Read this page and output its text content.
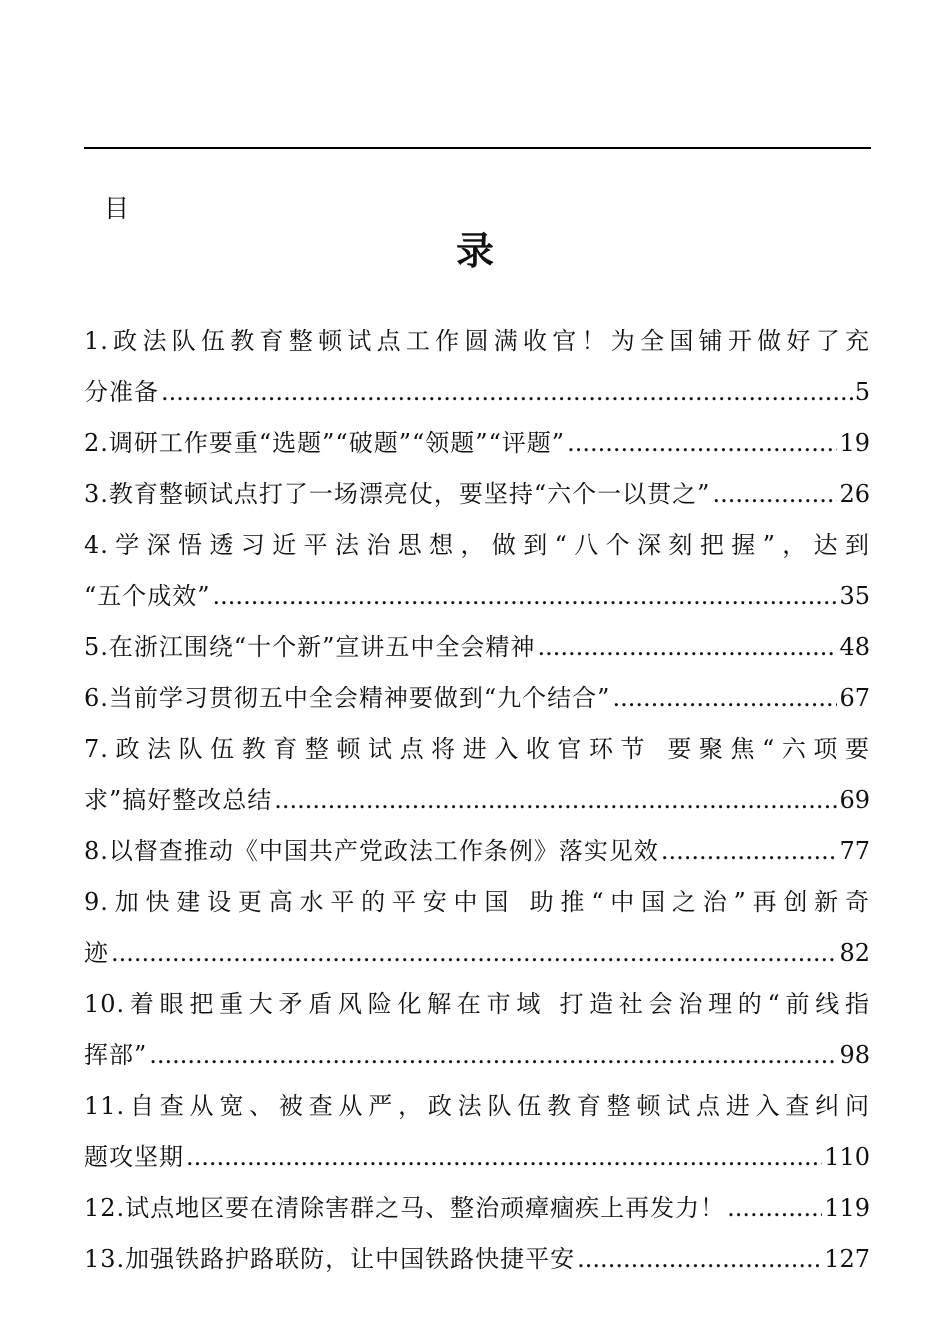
目
录
1.政法队伍教育整顿试点工作圆满收官！为全国铺开做好了充
分准备 .....	5
2.调研工作要重“选题”“破题”“领题”“评题” .....	19
3.教育整顿试点打了一场漂亮仗，要坚持“六个一以贯之” .....	26
4.学深悟透习近平法治思想，做到“八个深刻把握”，达到
“五个成效” .....	35
5.在浙江围绕“十个新”宣讲五中全会精神 .....	48
6.当前学习贯彻五中全会精神要做到“九个结合” .....	67
7.政法队伍教育整顿试点将进入收官环节 要聚焦“六项要
求”搞好整改总结 .....	69
8.以督查推动《中国共产党政法工作条例》落实见效 .....	77
9.加快建设更高水平的平安中国 助推“中国之治”再创新奇
迹 .....	82
10.着眼把重大矛盾风险化解在市域 打造社会治理的“前线指
挥部” .....	98
11.自查从宽、被查从严，政法队伍教育整顿试点进入查纠问
题攻坚期 .....	110
12.试点地区要在清除害群之马、整治顽瘴痼疾上再发力！ .....	119
13.加强铁路护路联防，让中国铁路快捷平安 .....	127
